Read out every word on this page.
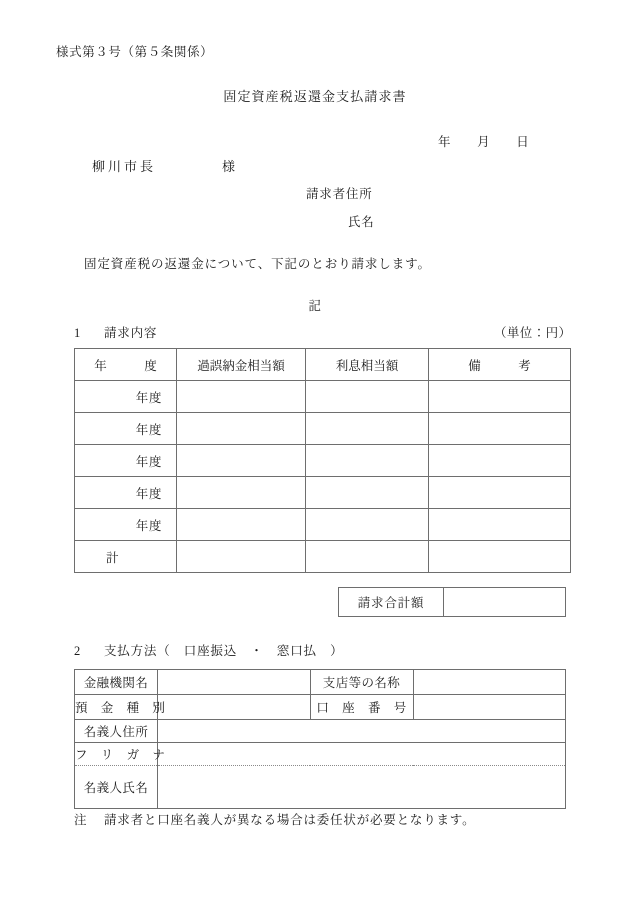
様式第３号（第５条関係）
固定資産税返還金支払請求書
年 月 日
柳川市長	様
請求者住所
氏名
固定資産税の返還金について、下記のとおり請求します。
記
1 請求内容	（単位：円）
年　　　度	過誤納金相当額	利息相当額	備　　　考
年度			
年度			
年度			
年度			
年度			
計			
請求合計額	
2 支払方法（　口座振込　・　窓口払　）
金融機関名		支店等の名称	
預　金　種　別		口　座　番　号	
名義人住所			
フ　リ　ガ　ナ			
名義人氏名			
注 請求者と口座名義人が異なる場合は委任状が必要となります。
